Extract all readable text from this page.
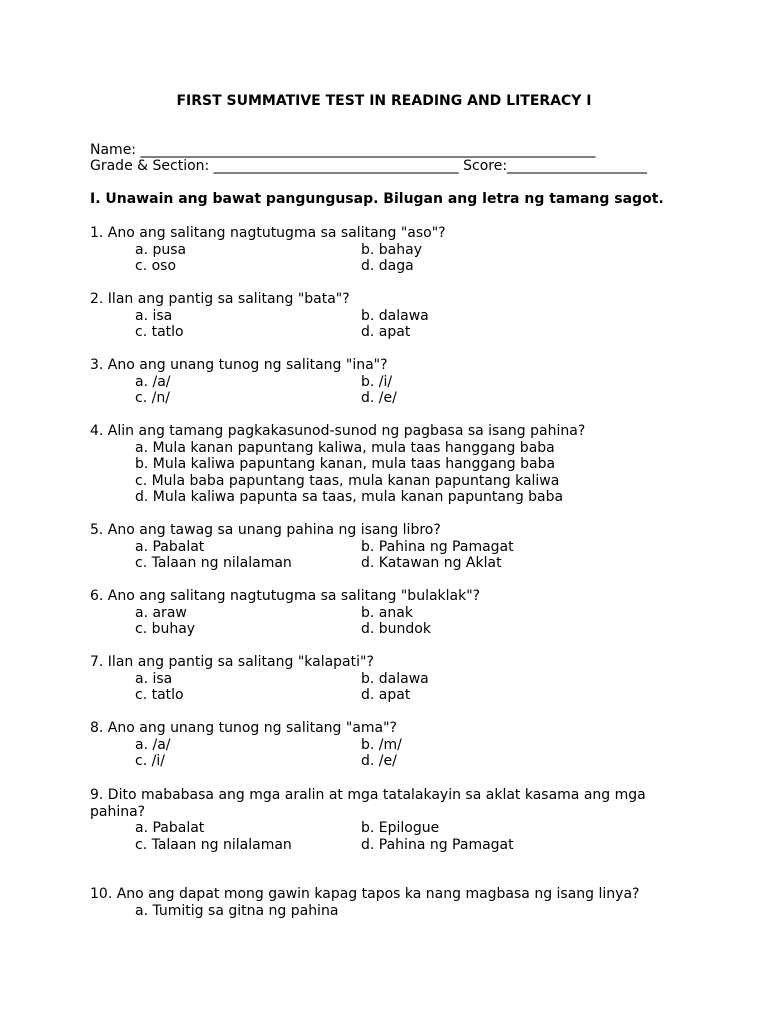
FIRST SUMMATIVE TEST IN READING AND LITERACY I
Name: _________________________________________________________________
Grade & Section: ___________________________________ Score:____________________
I. Unawain ang bawat pangungusap. Bilugan ang letra ng tamang sagot.

1. Ano ang salitang nagtutugma sa salitang "aso"?

a. pusa	b. bahay
c. oso	d. daga

2. Ilan ang pantig sa salitang "bata"?

a. isa	b. dalawa
c. tatlo	d. apat

3. Ano ang unang tunog ng salitang "ina"?

a. /a/	b. /i/
c. /n/	d. /e/

4. Alin ang tamang pagkakasunod-sunod ng pagbasa sa isang pahina?

a. Mula kanan papuntang kaliwa, mula taas hanggang baba
b. Mula kaliwa papuntang kanan, mula taas hanggang baba
c. Mula baba papuntang taas, mula kanan papuntang kaliwa
d. Mula kaliwa papunta sa taas, mula kanan papuntang baba

5. Ano ang tawag sa unang pahina ng isang libro?

a. Pabalat	b. Pahina ng Pamagat
c. Talaan ng nilalaman	d. Katawan ng Aklat

6. Ano ang salitang nagtutugma sa salitang "bulaklak"?

a. araw	b. anak
c. buhay	d. bundok

7. Ilan ang pantig sa salitang "kalapati"?

a. isa	b. dalawa
c. tatlo	d. apat

8. Ano ang unang tunog ng salitang "ama"?

a. /a/	b. /m/
c. /i/	d. /e/

9. Dito mababasa ang mga aralin at mga tatalakayin sa aklat kasama ang mga pahina?

a. Pabalat	b. Epilogue
c. Talaan ng nilalaman	d. Pahina ng Pamagat

10. Ano ang dapat mong gawin kapag tapos ka nang magbasa ng isang linya?

a. Tumitig sa gitna ng pahina
